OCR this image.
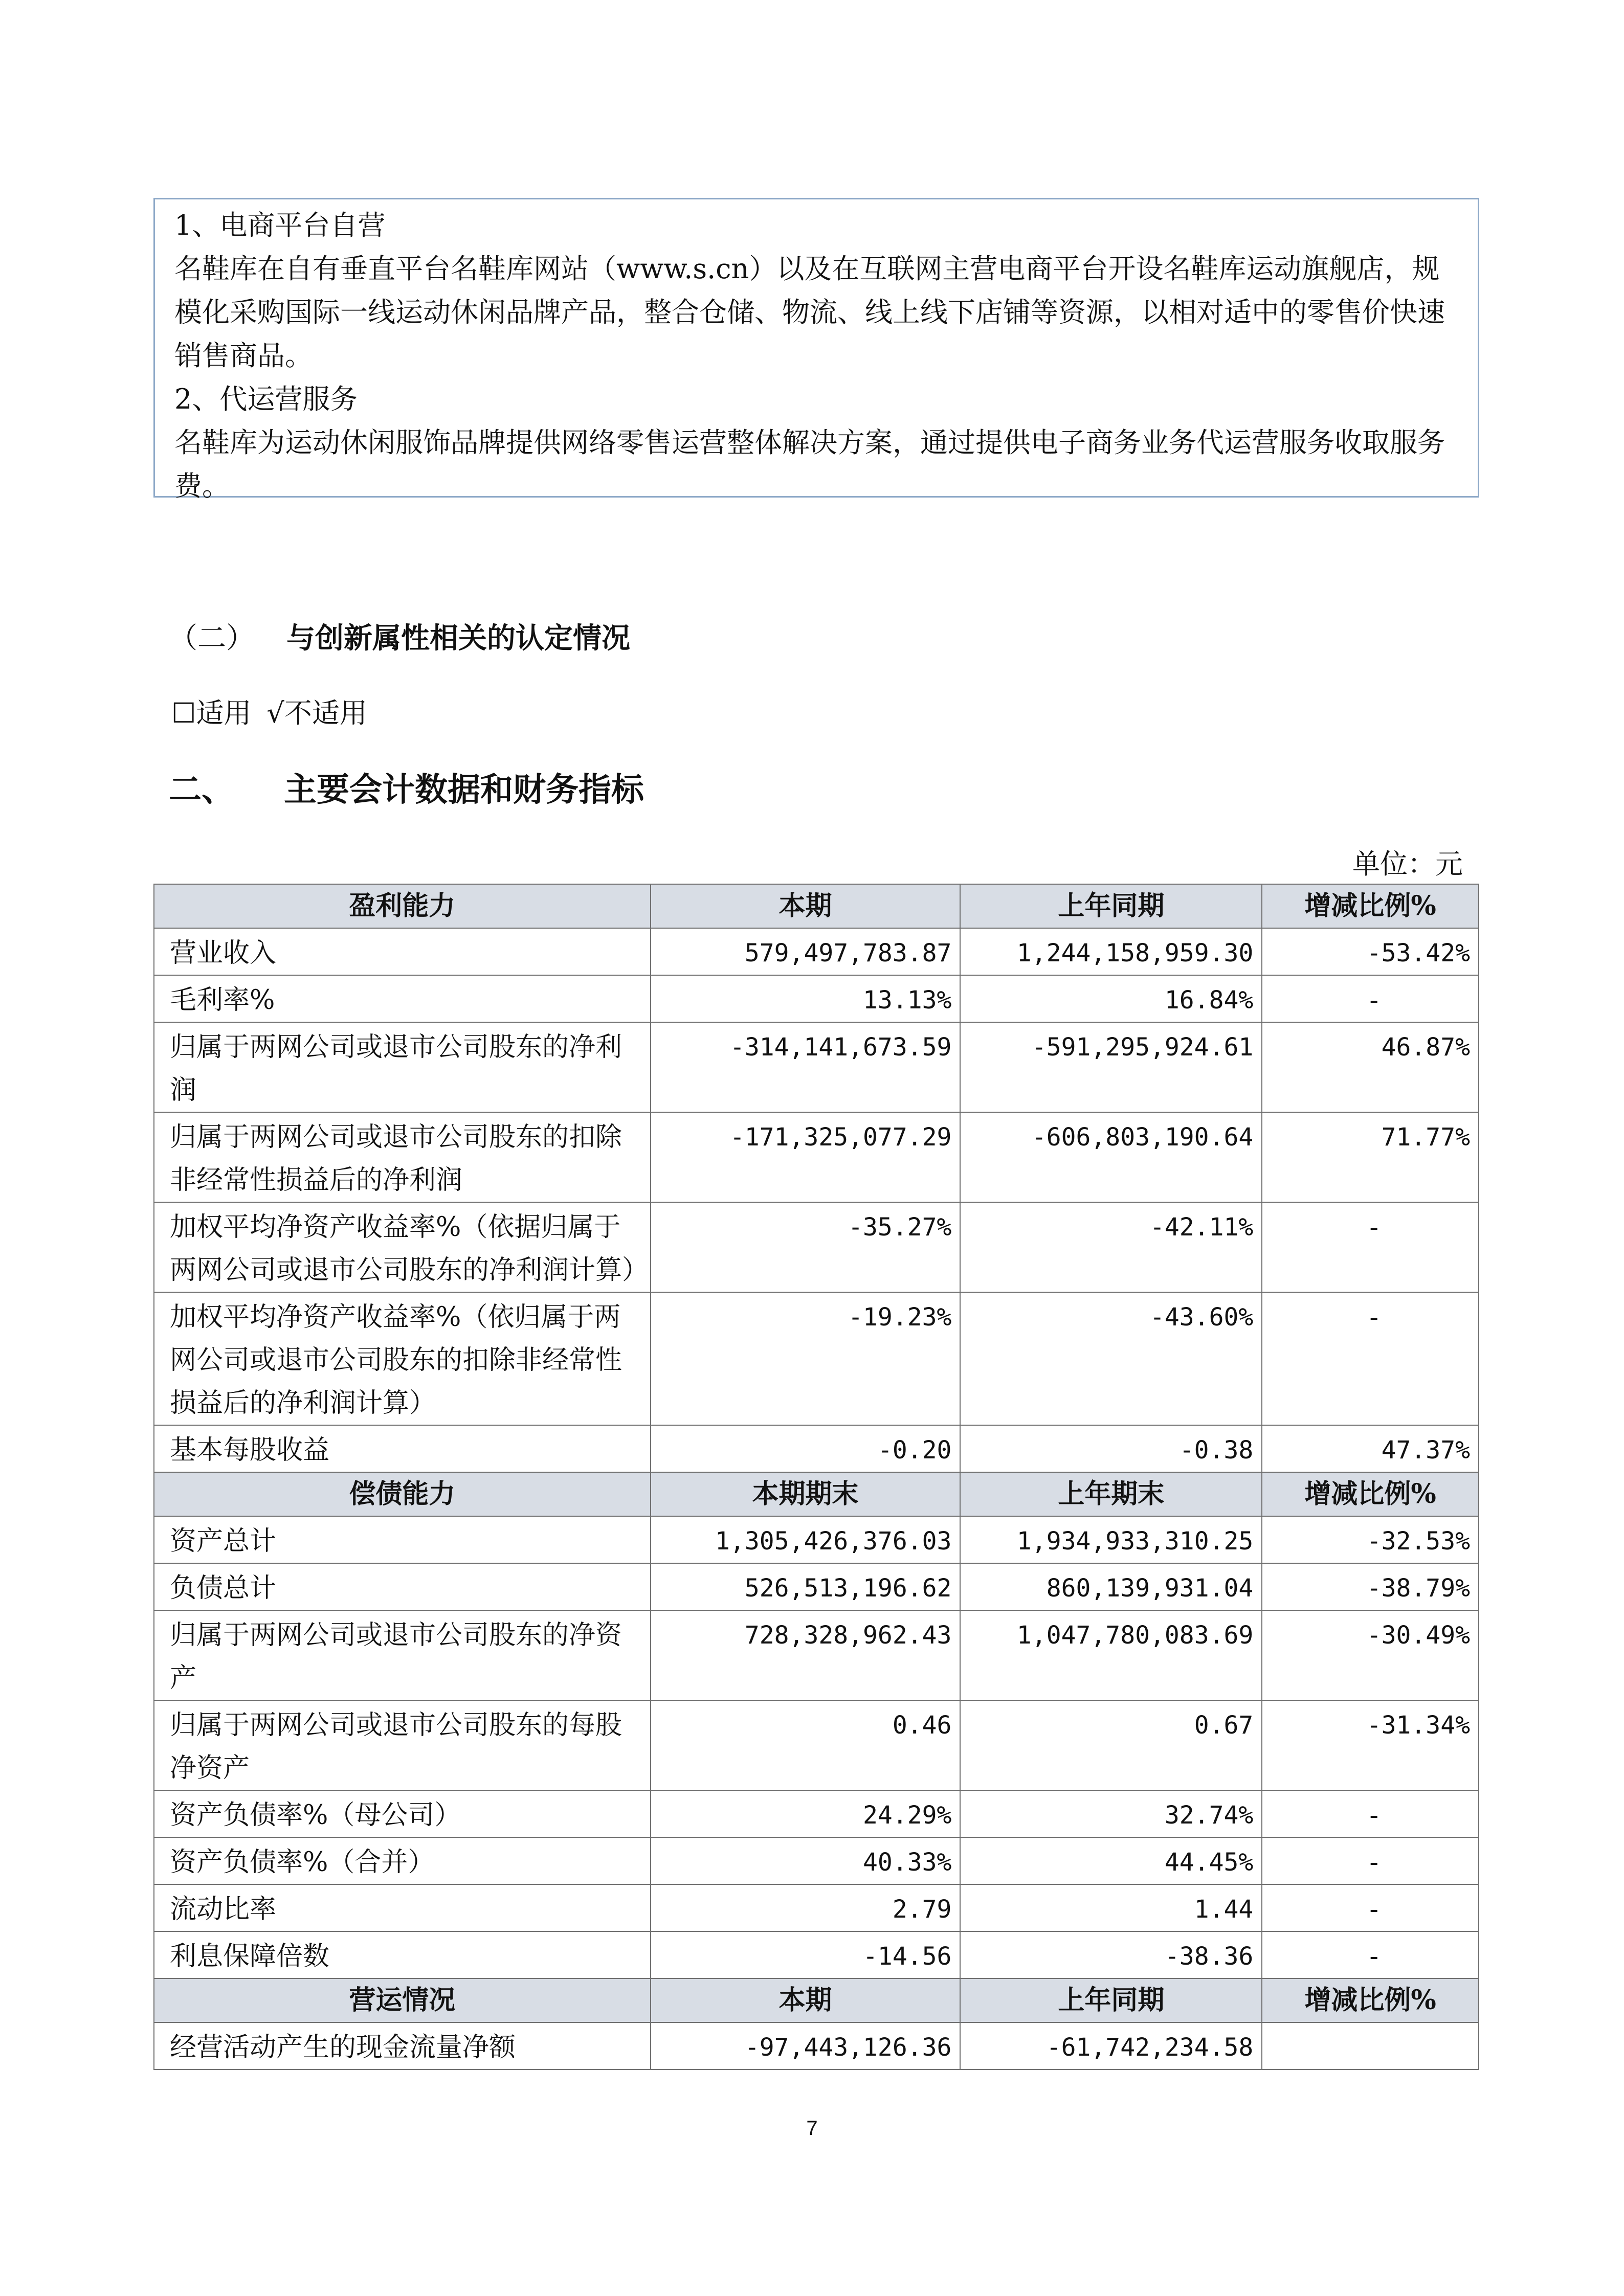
1、电商平台自营

名鞋库在自有垂直平台名鞋库网站（www.s.cn）以及在互联网主营电商平台开设名鞋库运动旗舰店，规模化采购国际一线运动休闲品牌产品，整合仓储、物流、线上线下店铺等资源，以相对适中的零售价快速销售商品。

2、代运营服务

名鞋库为运动休闲服饰品牌提供网络零售运营整体解决方案，通过提供电子商务业务代运营服务收取服务费。

（二） 与创新属性相关的认定情况
☐适用 √不适用
二、 主要会计数据和财务指标
单位：元
盈利能力	本期	上年同期	增减比例%
营业收入	579,497,783.87	1,244,158,959.30	-53.42%
毛利率%	13.13%	16.84%	-
归属于两网公司或退市公司股东的净利润	-314,141,673.59	-591,295,924.61	46.87%
归属于两网公司或退市公司股东的扣除非经常性损益后的净利润	-171,325,077.29	-606,803,190.64	71.77%
加权平均净资产收益率%（依据归属于两网公司或退市公司股东的净利润计算）	-35.27%	-42.11%	-
加权平均净资产收益率%（依归属于两网公司或退市公司股东的扣除非经常性损益后的净利润计算）	-19.23%	-43.60%	-
基本每股收益	-0.20	-0.38	47.37%
偿债能力	本期期末	上年期末	增减比例%
资产总计	1,305,426,376.03	1,934,933,310.25	-32.53%
负债总计	526,513,196.62	860,139,931.04	-38.79%
归属于两网公司或退市公司股东的净资产	728,328,962.43	1,047,780,083.69	-30.49%
归属于两网公司或退市公司股东的每股净资产	0.46	0.67	-31.34%
资产负债率%（母公司）	24.29%	32.74%	-
资产负债率%（合并）	40.33%	44.45%	-
流动比率	2.79	1.44	-
利息保障倍数	-14.56	-38.36	-
营运情况	本期	上年同期	增减比例%
经营活动产生的现金流量净额	-97,443,126.36	-61,742,234.58	
7
